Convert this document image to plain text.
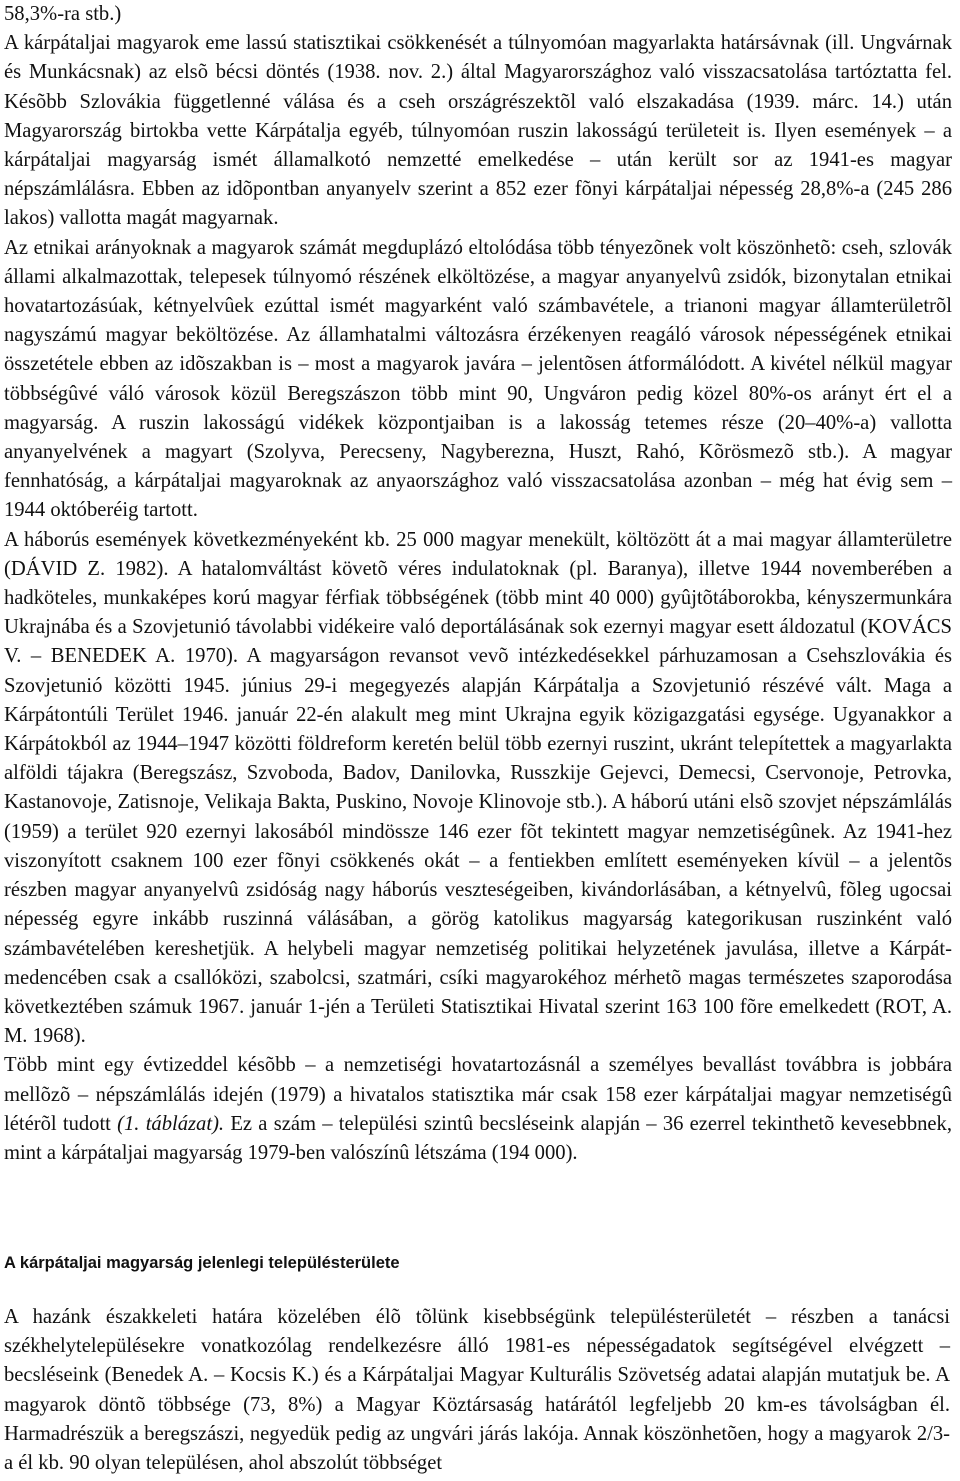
58,3%-ra stb.)
A kárpátaljai magyarok eme lassú statisztikai csökkenését a túlnyomóan magyarlakta határsávnak (ill. Ungvárnak és Munkácsnak) az elsõ bécsi döntés (1938. nov. 2.) által Magyarországhoz való visszacsatolása tartóztatta fel. Késõbb Szlovákia függetlenné válása és a cseh országrészektõl való elszakadása (1939. márc. 14.) után Magyarország birtokba vette Kárpátalja egyéb, túlnyomóan ruszin lakosságú területeit is. Ilyen események – a kárpátaljai magyarság ismét államalkotó nemzetté emelkedése – után került sor az 1941-es magyar népszámlálásra. Ebben az idõpontban anyanyelv szerint a 852 ezer fõnyi kárpátaljai népesség 28,8%-a (245 286 lakos) vallotta magát magyarnak.
Az etnikai arányoknak a magyarok számát megduplázó eltolódása több tényezõnek volt köszönhetõ: cseh, szlovák állami alkalmazottak, telepesek túlnyomó részének elköltözése, a magyar anyanyelvû zsidók, bizonytalan etnikai hovatartozásúak, kétnyelvûek ezúttal ismét magyarként való számbavétele, a trianoni magyar államterületrõl nagyszámú magyar beköltözése. Az államhatalmi változásra érzékenyen reagáló városok népességének etnikai összetétele ebben az idõszakban is – most a magyarok javára – jelentõsen átformálódott. A kivétel nélkül magyar többségûvé váló városok közül Beregszászon több mint 90, Ungváron pedig közel 80%-os arányt ért el a magyarság. A ruszin lakosságú vidékek központjaiban is a lakosság tetemes része (20–40%-a) vallotta anyanyelvének a magyart (Szolyva, Perecseny, Nagyberezna, Huszt, Rahó, Kõrösmezõ stb.). A magyar fennhatóság, a kárpátaljai magyaroknak az anyaországhoz való visszacsatolása azonban – még hat évig sem – 1944 októberéig tartott.
A háborús események következményeként kb. 25 000 magyar menekült, költözött át a mai magyar államterületre (DÁVID Z. 1982). A hatalomváltást követõ véres indulatoknak (pl. Baranya), illetve 1944 novemberében a hadköteles, munkaképes korú magyar férfiak többségének (több mint 40 000) gyûjtõtáborokba, kényszermunkára Ukrajnába és a Szovjetunió távolabbi vidékeire való deportálásának sok ezernyi magyar esett áldozatul (KOVÁCS V. – BENEDEK A. 1970). A magyarságon revansot vevõ intézkedésekkel párhuzamosan a Csehszlovákia és Szovjetunió közötti 1945. június 29-i megegyezés alapján Kárpátalja a Szovjetunió részévé vált. Maga a Kárpátontúli Terület 1946. január 22-én alakult meg mint Ukrajna egyik közigazgatási egysége. Ugyanakkor a Kárpátokból az 1944–1947 közötti földreform keretén belül több ezernyi ruszint, ukránt telepítettek a magyarlakta alföldi tájakra (Beregszász, Szvoboda, Badov, Danilovka, Russzkije Gejevci, Demecsi, Cservonoje, Petrovka, Kastanovoje, Zatisnoje, Velikaja Bakta, Puskino, Novoje Klinovoje stb.). A háború utáni elsõ szovjet népszámlálás (1959) a terület 920 ezernyi lakosából mindössze 146 ezer fõt tekintett magyar nemzetiségûnek. Az 1941-hez viszonyított csaknem 100 ezer fõnyi csökkenés okát – a fentiekben említett eseményeken kívül – a jelentõs részben magyar anyanyelvû zsidóság nagy háborús veszteségeiben, kivándorlásában, a kétnyelvû, fõleg ugocsai népesség egyre inkább ruszinná válásában, a görög katolikus magyarság kategorikusan ruszinként való számbavételében kereshetjük. A helybeli magyar nemzetiség politikai helyzetének javulása, illetve a Kárpát-medencében csak a csallóközi, szabolcsi, szatmári, csíki magyarokéhoz mérhetõ magas természetes szaporodása következtében számuk 1967. január 1-jén a Területi Statisztikai Hivatal szerint 163 100 fõre emelkedett (ROT, A. M. 1968).
Több mint egy évtizeddel késõbb – a nemzetiségi hovatartozásnál a személyes bevallást továbbra is jobbára mellõzõ – népszámlálás idején (1979) a hivatalos statisztika már csak 158 ezer kárpátaljai magyar nemzetiségû létérõl tudott (1. táblázat). Ez a szám – települési szintû becsléseink alapján – 36 ezerrel tekinthetõ kevesebbnek, mint a kárpátaljai magyarság 1979-ben valószínû létszáma (194 000).
A kárpátaljai magyarság jelenlegi településterülete
A hazánk északkeleti határa közelében élõ tõlünk kisebbségünk településterületét – részben a tanácsi székhelytelepülésekre vonatkozólag rendelkezésre álló 1981-es népességadatok segítségével elvégzett – becsléseink (Benedek A. – Kocsis K.) és a Kárpátaljai Magyar Kulturális Szövetség adatai alapján mutatjuk be. A magyarok döntõ többsége (73, 8%) a Magyar Köztársaság határától legfeljebb 20 km-es távolságban él. Harmadrészük a beregszászi, negyedük pedig az ungvári járás lakója. Annak köszönhetõen, hogy a magyarok 2/3-a él kb. 90 olyan településen, ahol abszolút többséget
